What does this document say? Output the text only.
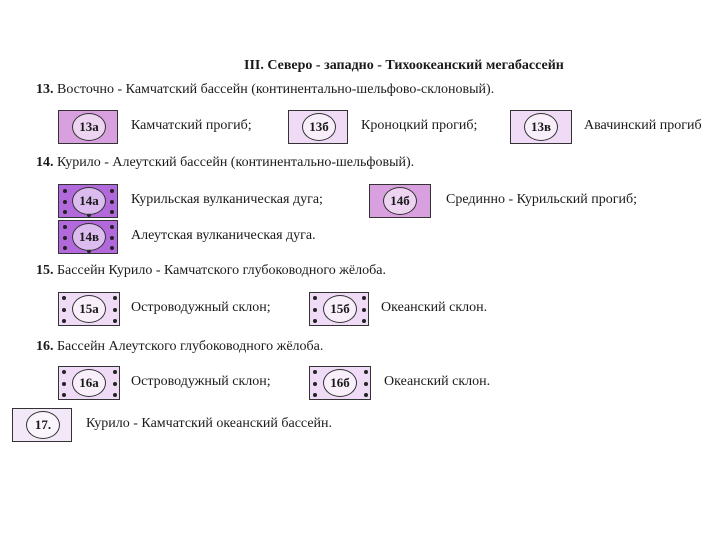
III. Северо - западно - Тихоокеанский мегабассейн
13. Восточно - Камчатский бассейн (континентально-шельфово-склоновый).
14. Курило - Алеутский бассейн (континентально-шельфовый).
15. Бассейн Курило - Камчатского глубоководного жёлоба.
16. Бассейн Алеутского глубоководного жёлоба.
13а	Камчатский прогиб;	13б	Кроноцкий прогиб;	13в	Авачинский прогиб
14а	Курильская вулканическая дуга;	14б	Срединно - Курильский прогиб;
14в	Алеутская вулканическая дуга.
15а	Островодужный склон;	15б	Океанский склон.
16а	Островодужный склон;	16б	Океанский склон.
17.	Курило - Камчатский океанский бассейн.
